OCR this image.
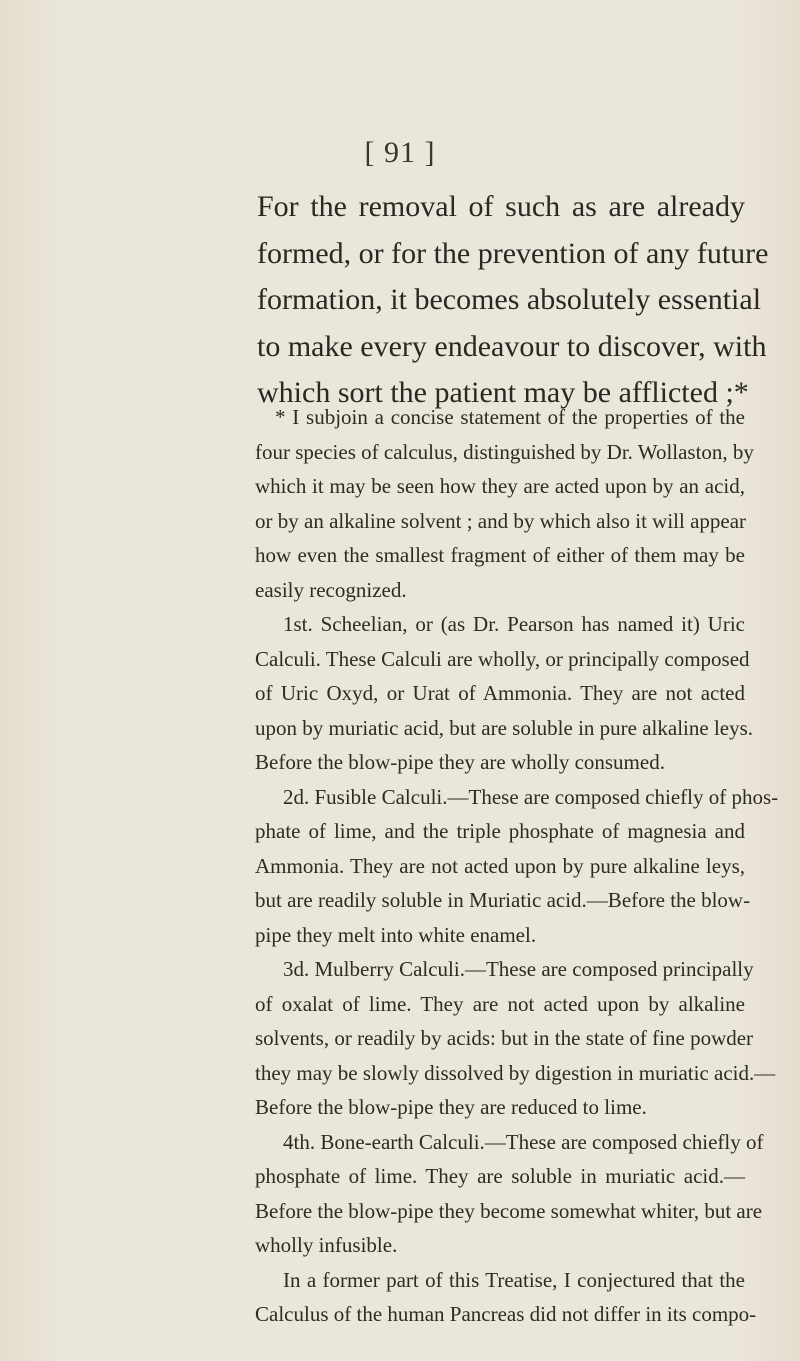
[ 91 ]
For the removal of such as are already
formed, or for the prevention of any future
formation, it becomes absolutely essential
to make every endeavour to discover, with
which sort the patient may be afflicted ;*
* I subjoin a concise statement of the properties of the
four species of calculus, distinguished by Dr. Wollaston, by
which it may be seen how they are acted upon by an acid,
or by an alkaline solvent ; and by which also it will appear
how even the smallest fragment of either of them may be
easily recognized.
1st. Scheelian, or (as Dr. Pearson has named it) Uric
Calculi. These Calculi are wholly, or principally composed
of Uric Oxyd, or Urat of Ammonia. They are not acted
upon by muriatic acid, but are soluble in pure alkaline leys.
Before the blow-pipe they are wholly consumed.
2d. Fusible Calculi.—These are composed chiefly of phos-
phate of lime, and the triple phosphate of magnesia and
Ammonia. They are not acted upon by pure alkaline leys,
but are readily soluble in Muriatic acid.—Before the blow-
pipe they melt into white enamel.
3d. Mulberry Calculi.—These are composed principally
of oxalat of lime. They are not acted upon by alkaline
solvents, or readily by acids: but in the state of fine powder
they may be slowly dissolved by digestion in muriatic acid.—
Before the blow-pipe they are reduced to lime.
4th. Bone-earth Calculi.—These are composed chiefly of
phosphate of lime. They are soluble in muriatic acid.—
Before the blow-pipe they become somewhat whiter, but are
wholly infusible.
In a former part of this Treatise, I conjectured that the
Calculus of the human Pancreas did not differ in its compo-
